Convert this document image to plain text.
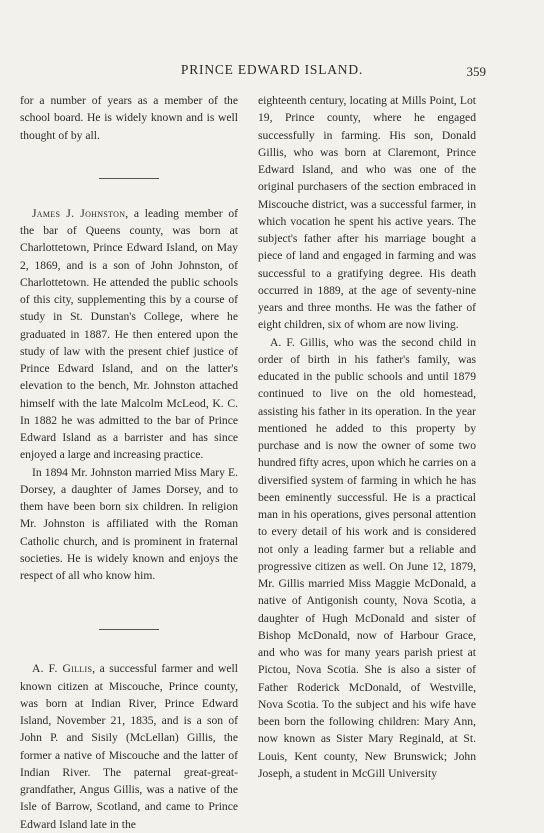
PRINCE EDWARD ISLAND.	359

for a number of years as a member of the school board. He is widely known and is well thought of by all.

James J. Johnston, a leading member of the bar of Queens county, was born at Charlottetown, Prince Edward Island, on May 2, 1869, and is a son of John Johnston, of Charlottetown. He attended the public schools of this city, supplementing this by a course of study in St. Dunstan's College, where he graduated in 1887. He then entered upon the study of law with the present chief justice of Prince Edward Island, and on the latter's elevation to the bench, Mr. Johnston attached himself with the late Malcolm McLeod, K. C. In 1882 he was admitted to the bar of Prince Edward Island as a barrister and has since enjoyed a large and increasing practice.

In 1894 Mr. Johnston married Miss Mary E. Dorsey, a daughter of James Dorsey, and to them have been born six children. In religion Mr. Johnston is affiliated with the Roman Catholic church, and is prominent in fraternal societies. He is widely known and enjoys the respect of all who know him.

A. F. Gillis, a successful farmer and well known citizen at Miscouche, Prince county, was born at Indian River, Prince Edward Island, November 21, 1835, and is a son of John P. and Sisily (McLellan) Gillis, the former a native of Miscouche and the latter of Indian River. The paternal great-great-grandfather, Angus Gillis, was a native of the Isle of Barrow, Scotland, and came to Prince Edward Island late in the

eighteenth century, locating at Mills Point, Lot 19, Prince county, where he engaged successfully in farming. His son, Donald Gillis, who was born at Claremont, Prince Edward Island, and who was one of the original purchasers of the section embraced in Miscouche district, was a successful farmer, in which vocation he spent his active years. The subject's father after his marriage bought a piece of land and engaged in farming and was successful to a gratifying degree. His death occurred in 1889, at the age of seventy-nine years and three months. He was the father of eight children, six of whom are now living.

A. F. Gillis, who was the second child in order of birth in his father's family, was educated in the public schools and until 1879 continued to live on the old homestead, assisting his father in its operation. In the year mentioned he added to this property by purchase and is now the owner of some two hundred fifty acres, upon which he carries on a diversified system of farming in which he has been eminently successful. He is a practical man in his operations, gives personal attention to every detail of his work and is considered not only a leading farmer but a reliable and progressive citizen as well. On June 12, 1879, Mr. Gillis married Miss Maggie McDonald, a native of Antigonish county, Nova Scotia, a daughter of Hugh McDonald and sister of Bishop McDonald, now of Harbour Grace, and who was for many years parish priest at Pictou, Nova Scotia. She is also a sister of Father Roderick McDonald, of Westville, Nova Scotia. To the subject and his wife have been born the following children: Mary Ann, now known as Sister Mary Reginald, at St. Louis, Kent county, New Brunswick; John Joseph, a student in McGill University
